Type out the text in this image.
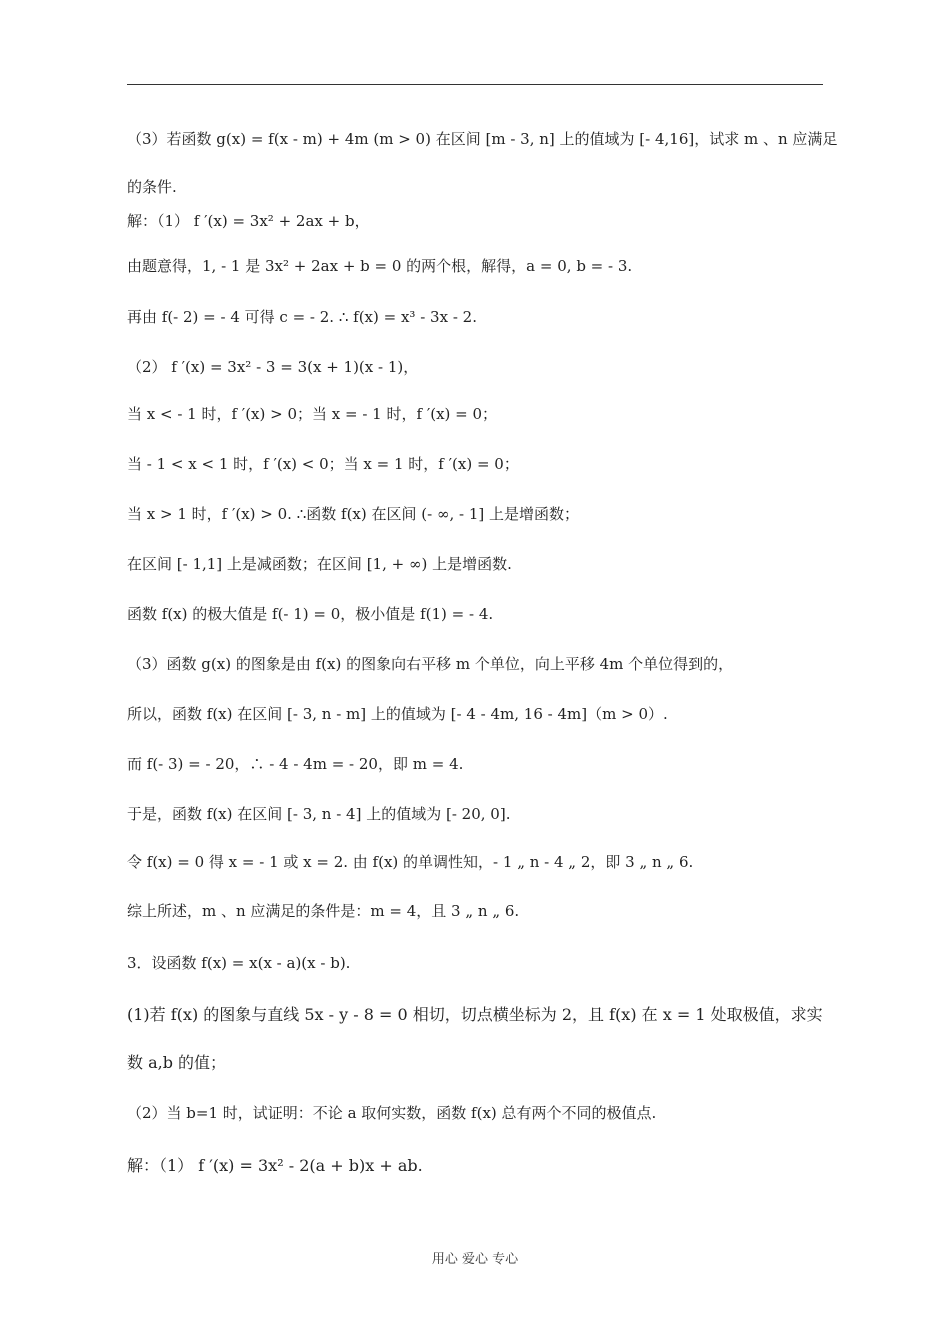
（3）若函数 g(x) = f(x - m) + 4m (m > 0) 在区间 [m - 3, n] 上的值域为 [- 4,16]，试求 m 、n 应满足
的条件.
解：（1） f ′(x) = 3x² + 2ax + b，
由题意得，1, - 1 是 3x² + 2ax + b = 0 的两个根，解得，a = 0, b = - 3.
再由 f(- 2) = - 4 可得 c = - 2. ∴ f(x) = x³ - 3x - 2.
（2） f ′(x) = 3x² - 3 = 3(x + 1)(x - 1)，
当 x < - 1 时，f ′(x) > 0；当 x = - 1 时，f ′(x) = 0；
当 - 1 < x < 1 时，f ′(x) < 0；当 x = 1 时，f ′(x) = 0；
当 x > 1 时，f ′(x) > 0. ∴函数 f(x) 在区间 (- ∞, - 1] 上是增函数；
在区间 [- 1,1] 上是减函数；在区间 [1, + ∞) 上是增函数.
函数 f(x) 的极大值是 f(- 1) = 0，极小值是 f(1) = - 4.
（3）函数 g(x) 的图象是由 f(x) 的图象向右平移 m 个单位，向上平移 4m 个单位得到的，
所以，函数 f(x) 在区间 [- 3, n - m] 上的值域为 [- 4 - 4m, 16 - 4m]（m > 0）.
而 f(- 3) = - 20，∴ - 4 - 4m = - 20，即 m = 4.
于是，函数 f(x) 在区间 [- 3, n - 4] 上的值域为 [- 20, 0].
令 f(x) = 0 得 x = - 1 或 x = 2. 由 f(x) 的单调性知，- 1 „ n - 4 „ 2，即 3 „ n „ 6.
综上所述，m 、n 应满足的条件是：m = 4，且 3 „ n „ 6.
3．设函数 f(x) = x(x - a)(x - b).
(1)若 f(x) 的图象与直线 5x - y - 8 = 0 相切，切点横坐标为 2，且 f(x) 在 x = 1 处取极值，求实
数 a,b 的值；
（2）当 b=1 时，试证明：不论 a 取何实数，函数 f(x) 总有两个不同的极值点.
解：（1） f ′(x) = 3x² - 2(a + b)x + ab.
用心 爱心 专心
